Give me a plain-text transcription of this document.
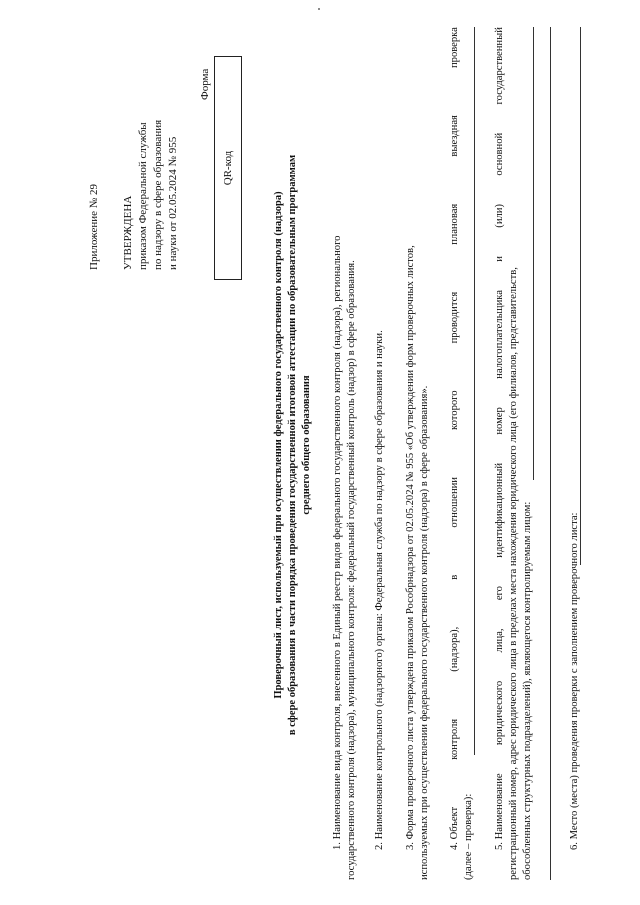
Приложение № 29 УТВЕРЖДЕНА приказом Федеральной службы по надзору в сфере образования и науки от 02.05.2024 № 955
Форма
QR-код
Проверочный лист, используемый при осуществлении федерального государственного контроля (надзора) в сфере образования в части порядка проведения государственной итоговой аттестации по образовательным программам среднего общего образования 1. Наименование вида контроля, внесенного в Единый реестр видов федерального государственного контроля (надзора), регионального государственного контроля (надзора), муниципального контроля: федеральный государственный контроль (надзор) в сфере образования. 2. Наименование контрольного (надзорного) органа: Федеральная служба по надзору в сфере образования и науки. 3. Форма проверочного листа утверждена приказом Рособрнадзора от 02.05.2024 № 955 «Об утверждении форм проверочных листов, используемых при осуществлении федерального государственного контроля (надзора) в сфере образования». 4. Объект
контроля
(надзора),
в
отношении
которого
проводится
плановая
выездная
проверка
(далее – проверка): 5. Наименование
юридического
лица,
его
идентификационный
номер
налогоплательщика
и
(или)
основной
государственный
регистрационный номер, адрес юридического лица в пределах места нахождения юридического лица (его филиалов, представительств, обособленных структурных подразделений), являющегося контролируемым лицом:	6. Место (места) проведения проверки с заполнением проверочного листа:
